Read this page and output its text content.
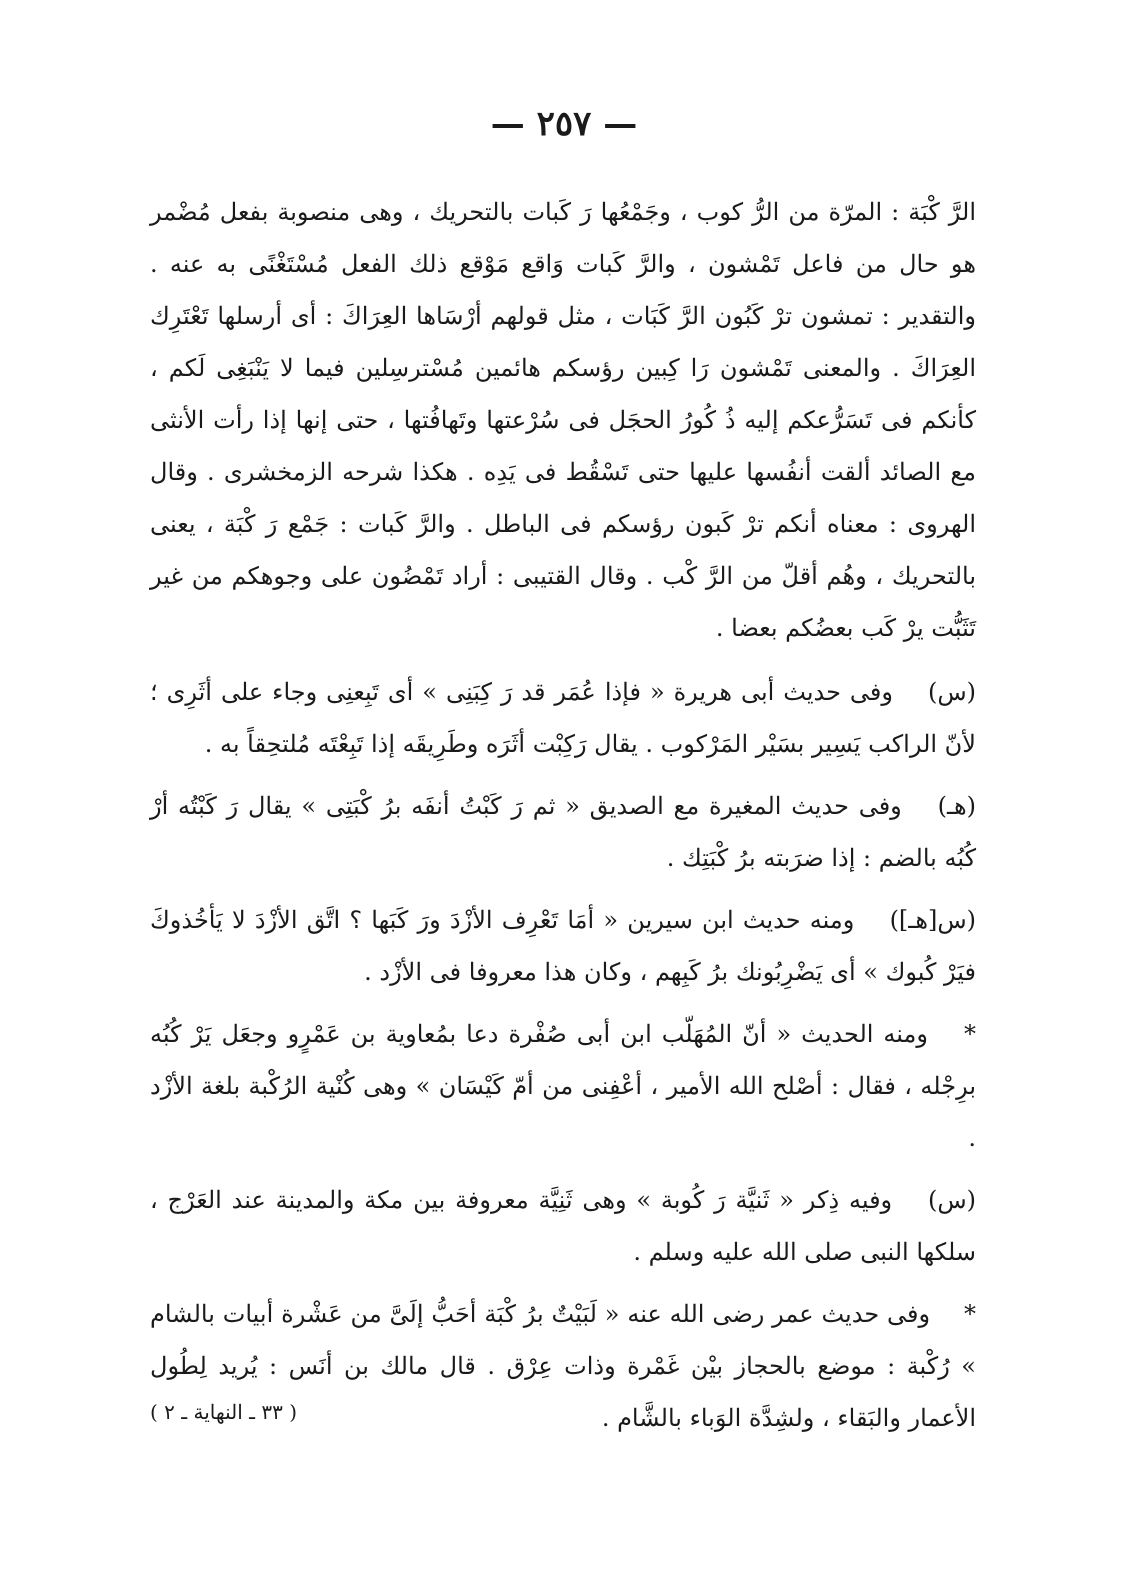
— ٢٥٧ —

الرَّ كْبَة : المرّة من الرُّ كوب ، وجَمْعُها رَ كَبات بالتحريك ، وهى منصوبة بفعل مُضْمر هو حال من فاعل تَمْشون ، والرَّ كَبات وَاقع مَوْقع ذلك الفعل مُسْتَغْنًى به عنه . والتقدير : تمشون ترْ كَبُون الرَّ كَبَات ، مثل قولهم أرْسَاها العِرَاكَ : أى أرسلها تَعْتَرِك العِرَاكَ . والمعنى تَمْشون رَا كِبين رؤسكم هائمين مُسْترسِلين فيما لا يَنْبَغِى لَكم ، كأنكم فى تَسَرُّعكم إليه ذُ كُورُ الحجَل فى سُرْعتها وتَهافُتها ، حتى إنها إذا رأت الأنثى مع الصائد ألقت أنفُسها عليها حتى تَسْقُط فى يَدِه . هكذا شرحه الزمخشرى . وقال الهروى : معناه أنكم ترْ كَبون رؤسكم فى الباطل . والرَّ كَبات : جَمْع رَ كْبَة ، يعنى بالتحريك ، وهُم أقلّ من الرَّ كْب . وقال القتيبى : أراد تَمْضُون على وجوهكم من غير تَثَبُّت يرْ كَب بعضُكم بعضا .

(س) وفى حديث أبى هريرة « فإذا عُمَر قد رَ كِبَنِى » أى تَبِعنِى وجاء على أثَرِى ؛ لأنّ الراكب يَسِير بسَيْر المَرْكوب . يقال رَكِبْت أثَرَه وطَرِيقَه إذا تَبِعْتَه مُلتحِقاً به .

(هـ) وفى حديث المغيرة مع الصديق « ثم رَ كَبْتُ أنفَه برُ كْبَتِى » يقال رَ كَبْتُه أرْ كُبُه بالضم : إذا ضرَبته برُ كْبَتِك .

(س[هـ]) ومنه حديث ابن سيرين « أمَا تَعْرِف الأزْدَ ورَ كَبَها ؟ اتَّق الأزْدَ لا يَأخُذوكَ فيَرْ كُبوك » أى يَضْرِبُونك برُ كَبِهم ، وكان هذا معروفا فى الأزْد .

* ومنه الحديث « أنّ المُهَلّب ابن أبى صُفْرة دعا بمُعاوية بن عَمْرٍو وجعَل يَرْ كُبُه برِجْله ، فقال : أصْلح الله الأمير ، أعْفِنى من أمّ كَيْسَان » وهى كُنْية الرُكْبة بلغة الأزْد .

(س) وفيه ذِكر « ثَنيَّة رَ كُوبة » وهى ثَنِيَّة معروفة بين مكة والمدينة عند العَرْج ، سلكها النبى صلى الله عليه وسلم .

* وفى حديث عمر رضى الله عنه « لَبَيْتٌ برُ كْبَة أحَبُّ إلَىَّ من عَشْرة أبيات بالشام » رُكْبة : موضع بالحجاز بيْن غَمْرة وذات عِرْق . قال مالك بن أنَس : يُريد لِطُول الأعمار والبَقاء ، ولشِدَّة الوَباء بالشَّام .

( ٣٣ ـ النهاية ـ ٢ )
